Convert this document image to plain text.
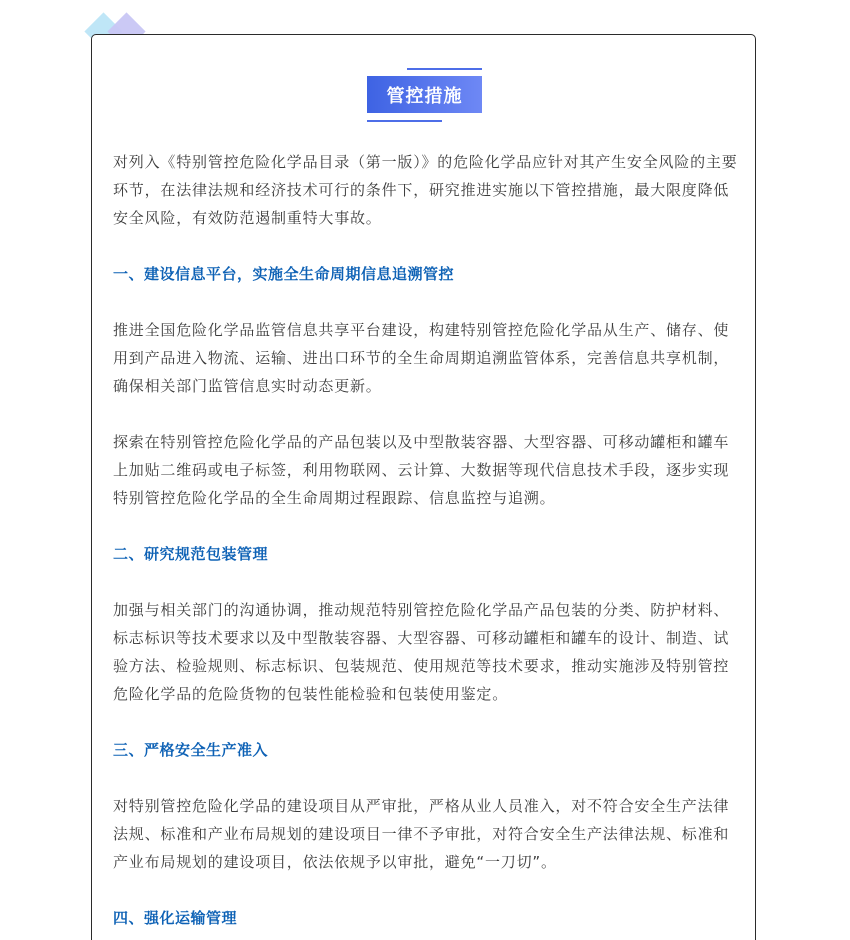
管控措施

对列入《特别管控危险化学品目录（第一版）》的危险化学品应针对其产生安全风险的主要环节，在法律法规和经济技术可行的条件下，研究推进实施以下管控措施，最大限度降低安全风险，有效防范遏制重特大事故。

一、建设信息平台，实施全生命周期信息追溯管控

推进全国危险化学品监管信息共享平台建设，构建特别管控危险化学品从生产、储存、使用到产品进入物流、运输、进出口环节的全生命周期追溯监管体系，完善信息共享机制，确保相关部门监管信息实时动态更新。

探索在特别管控危险化学品的产品包装以及中型散装容器、大型容器、可移动罐柜和罐车上加贴二维码或电子标签，利用物联网、云计算、大数据等现代信息技术手段，逐步实现特别管控危险化学品的全生命周期过程跟踪、信息监控与追溯。

二、研究规范包装管理

加强与相关部门的沟通协调，推动规范特别管控危险化学品产品包装的分类、防护材料、标志标识等技术要求以及中型散装容器、大型容器、可移动罐柜和罐车的设计、制造、试验方法、检验规则、标志标识、包装规范、使用规范等技术要求，推动实施涉及特别管控危险化学品的危险货物的包装性能检验和包装使用鉴定。

三、严格安全生产准入

对特别管控危险化学品的建设项目从严审批，严格从业人员准入，对不符合安全生产法律法规、标准和产业布局规划的建设项目一律不予审批，对符合安全生产法律法规、标准和产业布局规划的建设项目，依法依规予以审批，避免“一刀切”。

四、强化运输管理
